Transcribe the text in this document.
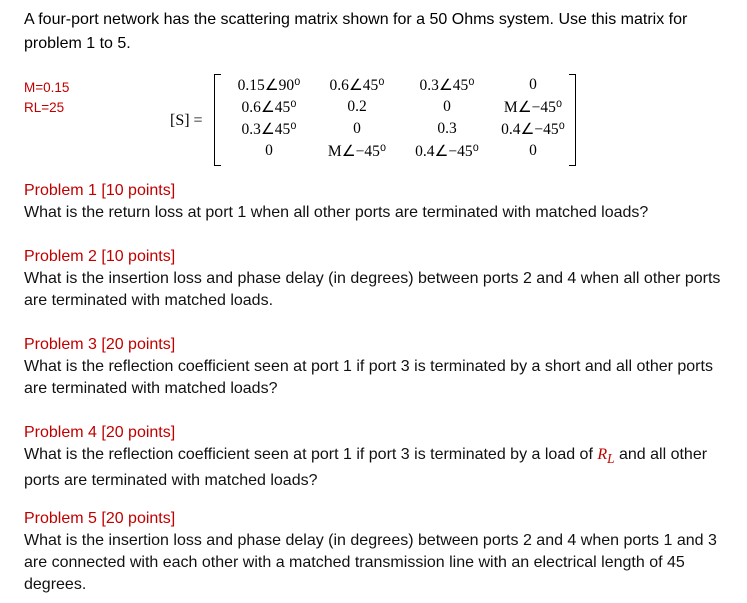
A four-port network has the scattering matrix shown for a 50 Ohms system. Use this matrix for problem 1 to 5.
M=0.15
RL=25
[S] =
0.15∠90⁰	0.6∠45⁰	0.3∠45⁰	0
0.6∠45⁰	0.2	0	M∠−45⁰
0.3∠45⁰	0	0.3	0.4∠−45⁰
0	M∠−45⁰	0.4∠−45⁰	0
Problem 1 [10 points]
What is the return loss at port 1 when all other ports are terminated with matched loads?
Problem 2 [10 points]
What is the insertion loss and phase delay (in degrees) between ports 2 and 4 when all other ports are terminated with matched loads.
Problem 3 [20 points]
What is the reflection coefficient seen at port 1 if port 3 is terminated by a short and all other ports are terminated with matched loads?
Problem 4 [20 points]
What is the reflection coefficient seen at port 1 if port 3 is terminated by a load of $R_L$ and all other ports are terminated with matched loads?
Problem 5 [20 points]
What is the insertion loss and phase delay (in degrees) between ports 2 and 4 when ports 1 and 3 are connected with each other with a matched transmission line with an electrical length of 45 degrees.
